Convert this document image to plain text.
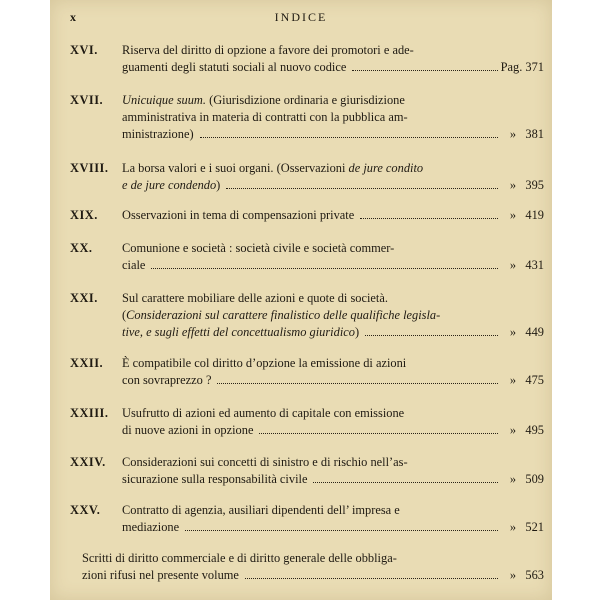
x	INDICE
XVI.	Riserva del diritto di opzione a favore dei promotori e ade-
guamenti degli statuti sociali al nuovo codice	Pag. 371
XVII.	Unicuique suum. (Giurisdizione ordinaria e giurisdizione
amministrativa in materia di contratti con la pubblica am-
ministrazione)	» 381
XVIII.	La borsa valori e i suoi organi. (Osservazioni de jure condito
e de jure condendo)	» 395
XIX.	Osservazioni in tema di compensazioni private	» 419
XX.	Comunione e società : società civile e società commer-
ciale	» 431
XXI.	Sul carattere mobiliare delle azioni e quote di società.
(Considerazioni sul carattere finalistico delle qualifiche legisla-
tive, e sugli effetti del concettualismo giuridico)	» 449
XXII.	È compatibile col diritto d’opzione la emissione di azioni
con sovraprezzo ?	» 475
XXIII.	Usufrutto di azioni ed aumento di capitale con emissione
di nuove azioni in opzione	» 495
XXIV.	Considerazioni sui concetti di sinistro e di rischio nell’as-
sicurazione sulla responsabilità civile	» 509
XXV.	Contratto di agenzia, ausiliari dipendenti dell’ impresa e
mediazione	» 521
Scritti di diritto commerciale e di diritto generale delle obbliga-
zioni rifusi nel presente volume	» 563
